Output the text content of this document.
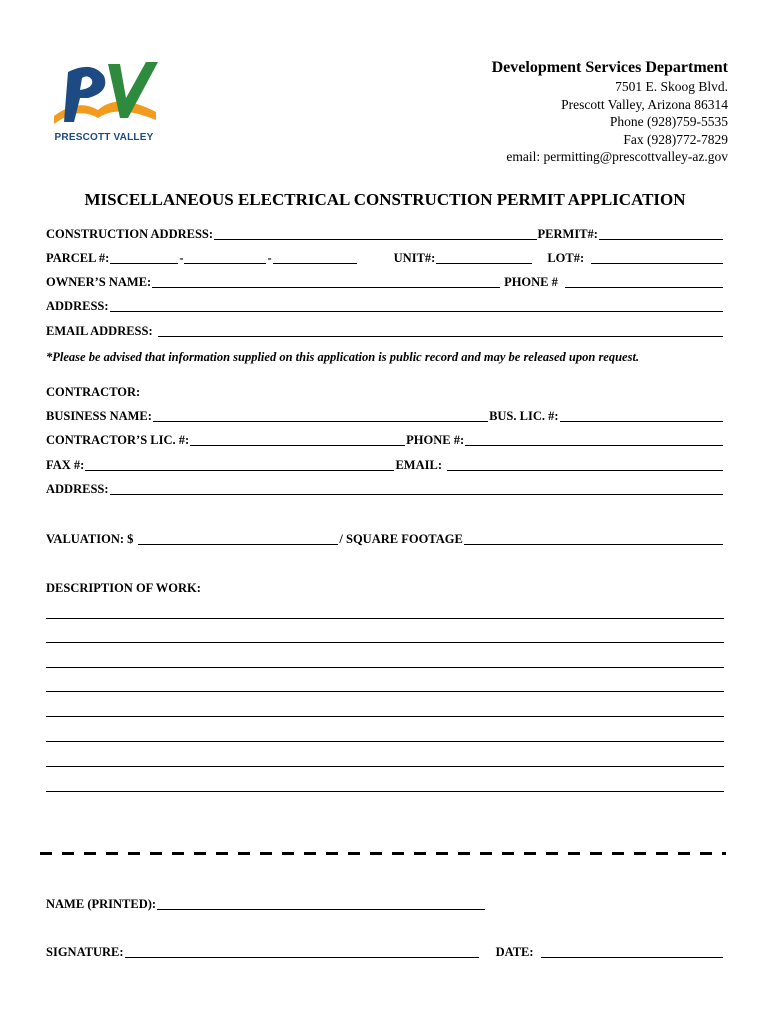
PRESCOTT VALLEY
Development Services Department
7501 E. Skoog Blvd.
Prescott Valley, Arizona 86314
Phone (928)759-5535
Fax (928)772-7829
email: permitting@prescottvalley-az.gov
MISCELLANEOUS ELECTRICAL CONSTRUCTION PERMIT APPLICATION
CONSTRUCTION ADDRESS:	PERMIT#:
PARCEL #:	-	-	UNIT#:	LOT#:
OWNER’S NAME:	PHONE #
ADDRESS:
EMAIL ADDRESS:
*Please be advised that information supplied on this application is public record and may be released upon request.
CONTRACTOR:
BUSINESS NAME:	BUS. LIC. #:
CONTRACTOR’S LIC. #:	PHONE #:
FAX #:	EMAIL:
ADDRESS:
VALUATION: $	/ SQUARE FOOTAGE
DESCRIPTION OF WORK:
NAME (PRINTED):
SIGNATURE:	DATE:
